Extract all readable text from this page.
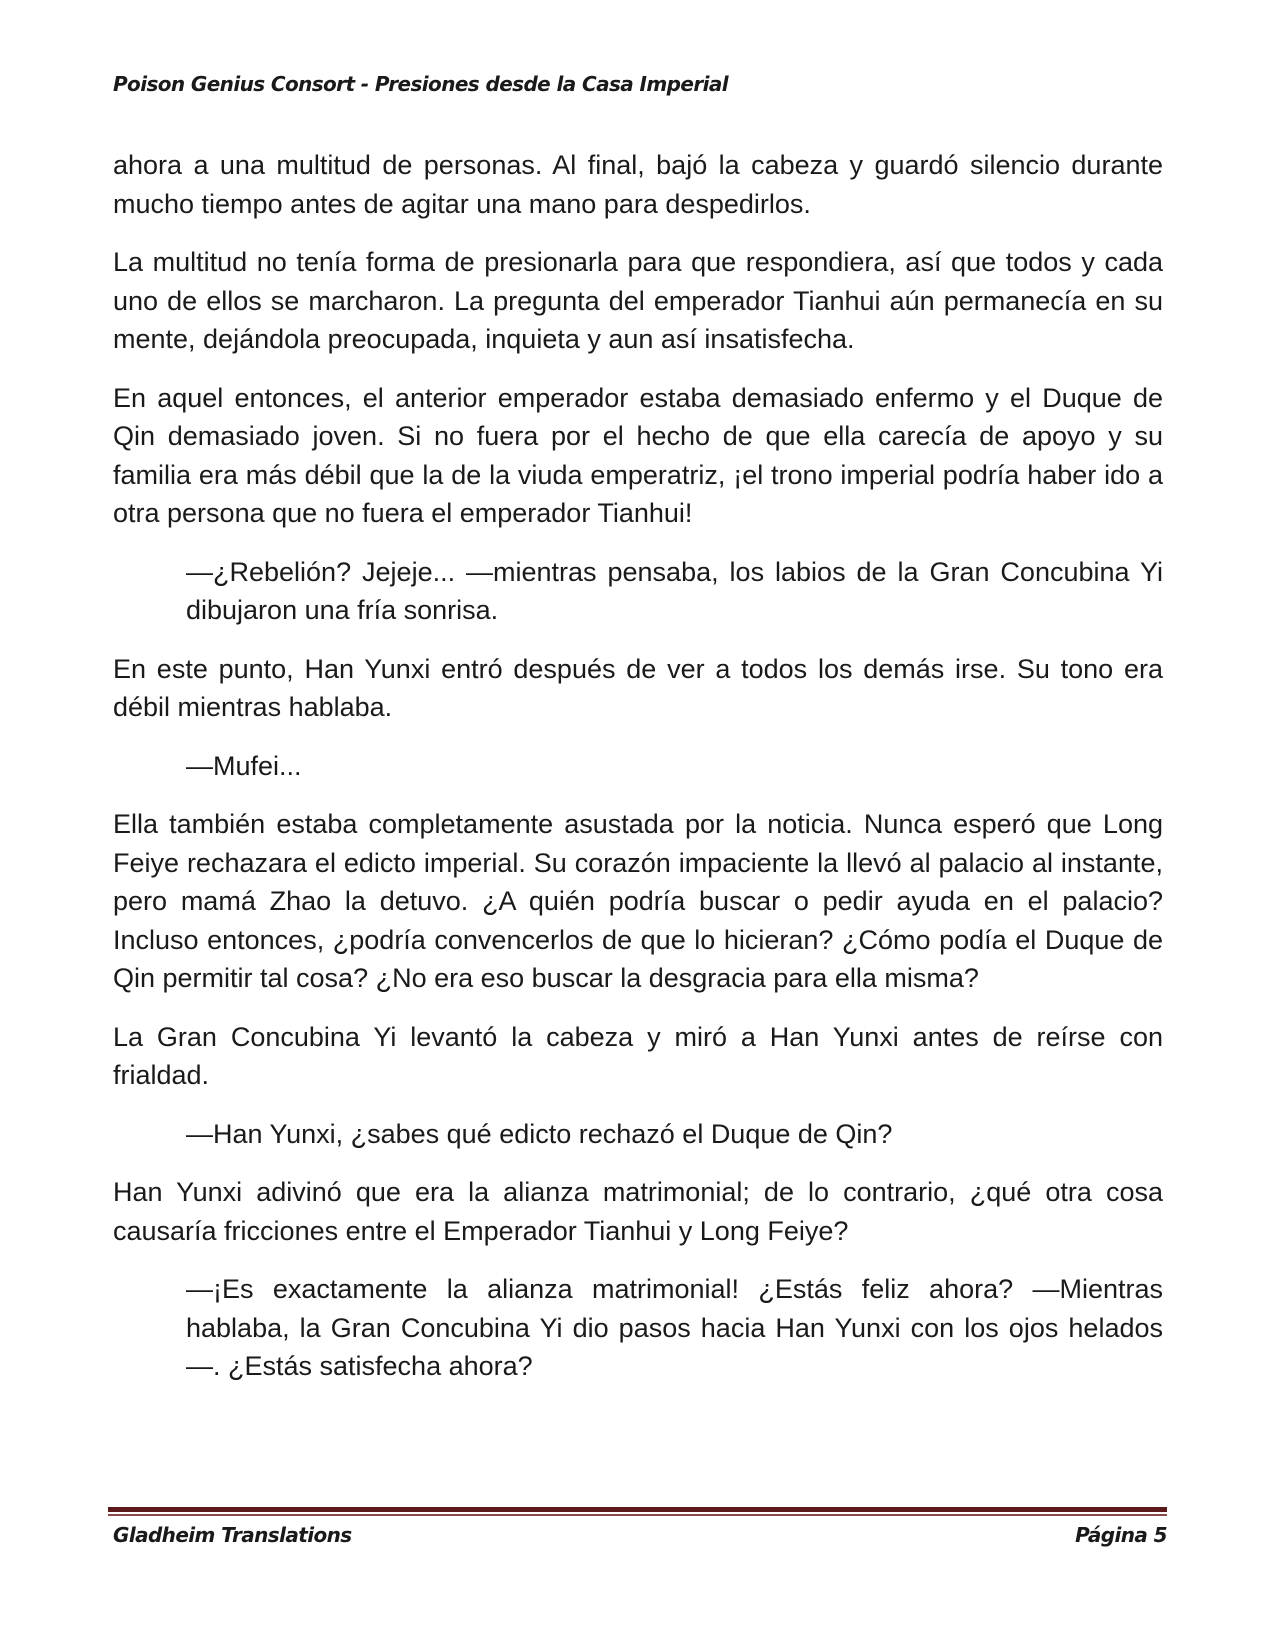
Poison Genius Consort - Presiones desde la Casa Imperial

ahora a una multitud de personas. Al final, bajó la cabeza y guardó silencio durante mucho tiempo antes de agitar una mano para despedirlos.

La multitud no tenía forma de presionarla para que respondiera, así que todos y cada uno de ellos se marcharon. La pregunta del emperador Tianhui aún permanecía en su mente, dejándola preocupada, inquieta y aun así insatisfecha.

En aquel entonces, el anterior emperador estaba demasiado enfermo y el Duque de Qin demasiado joven. Si no fuera por el hecho de que ella carecía de apoyo y su familia era más débil que la de la viuda emperatriz, ¡el trono imperial podría haber ido a otra persona que no fuera el emperador Tianhui!

—¿Rebelión? Jejeje... —mientras pensaba, los labios de la Gran Concubina Yi dibujaron una fría sonrisa.

En este punto, Han Yunxi entró después de ver a todos los demás irse. Su tono era débil mientras hablaba.

—Mufei...

Ella también estaba completamente asustada por la noticia. Nunca esperó que Long Feiye rechazara el edicto imperial. Su corazón impaciente la llevó al palacio al instante, pero mamá Zhao la detuvo. ¿A quién podría buscar o pedir ayuda en el palacio? Incluso entonces, ¿podría convencerlos de que lo hicieran? ¿Cómo podía el Duque de Qin permitir tal cosa? ¿No era eso buscar la desgracia para ella misma?

La Gran Concubina Yi levantó la cabeza y miró a Han Yunxi antes de reírse con frialdad.

—Han Yunxi, ¿sabes qué edicto rechazó el Duque de Qin?

Han Yunxi adivinó que era la alianza matrimonial; de lo contrario, ¿qué otra cosa causaría fricciones entre el Emperador Tianhui y Long Feiye?

—¡Es exactamente la alianza matrimonial! ¿Estás feliz ahora? —Mientras hablaba, la Gran Concubina Yi dio pasos hacia Han Yunxi con los ojos helados—. ¿Estás satisfecha ahora?

Gladheim Translations	Página 5
